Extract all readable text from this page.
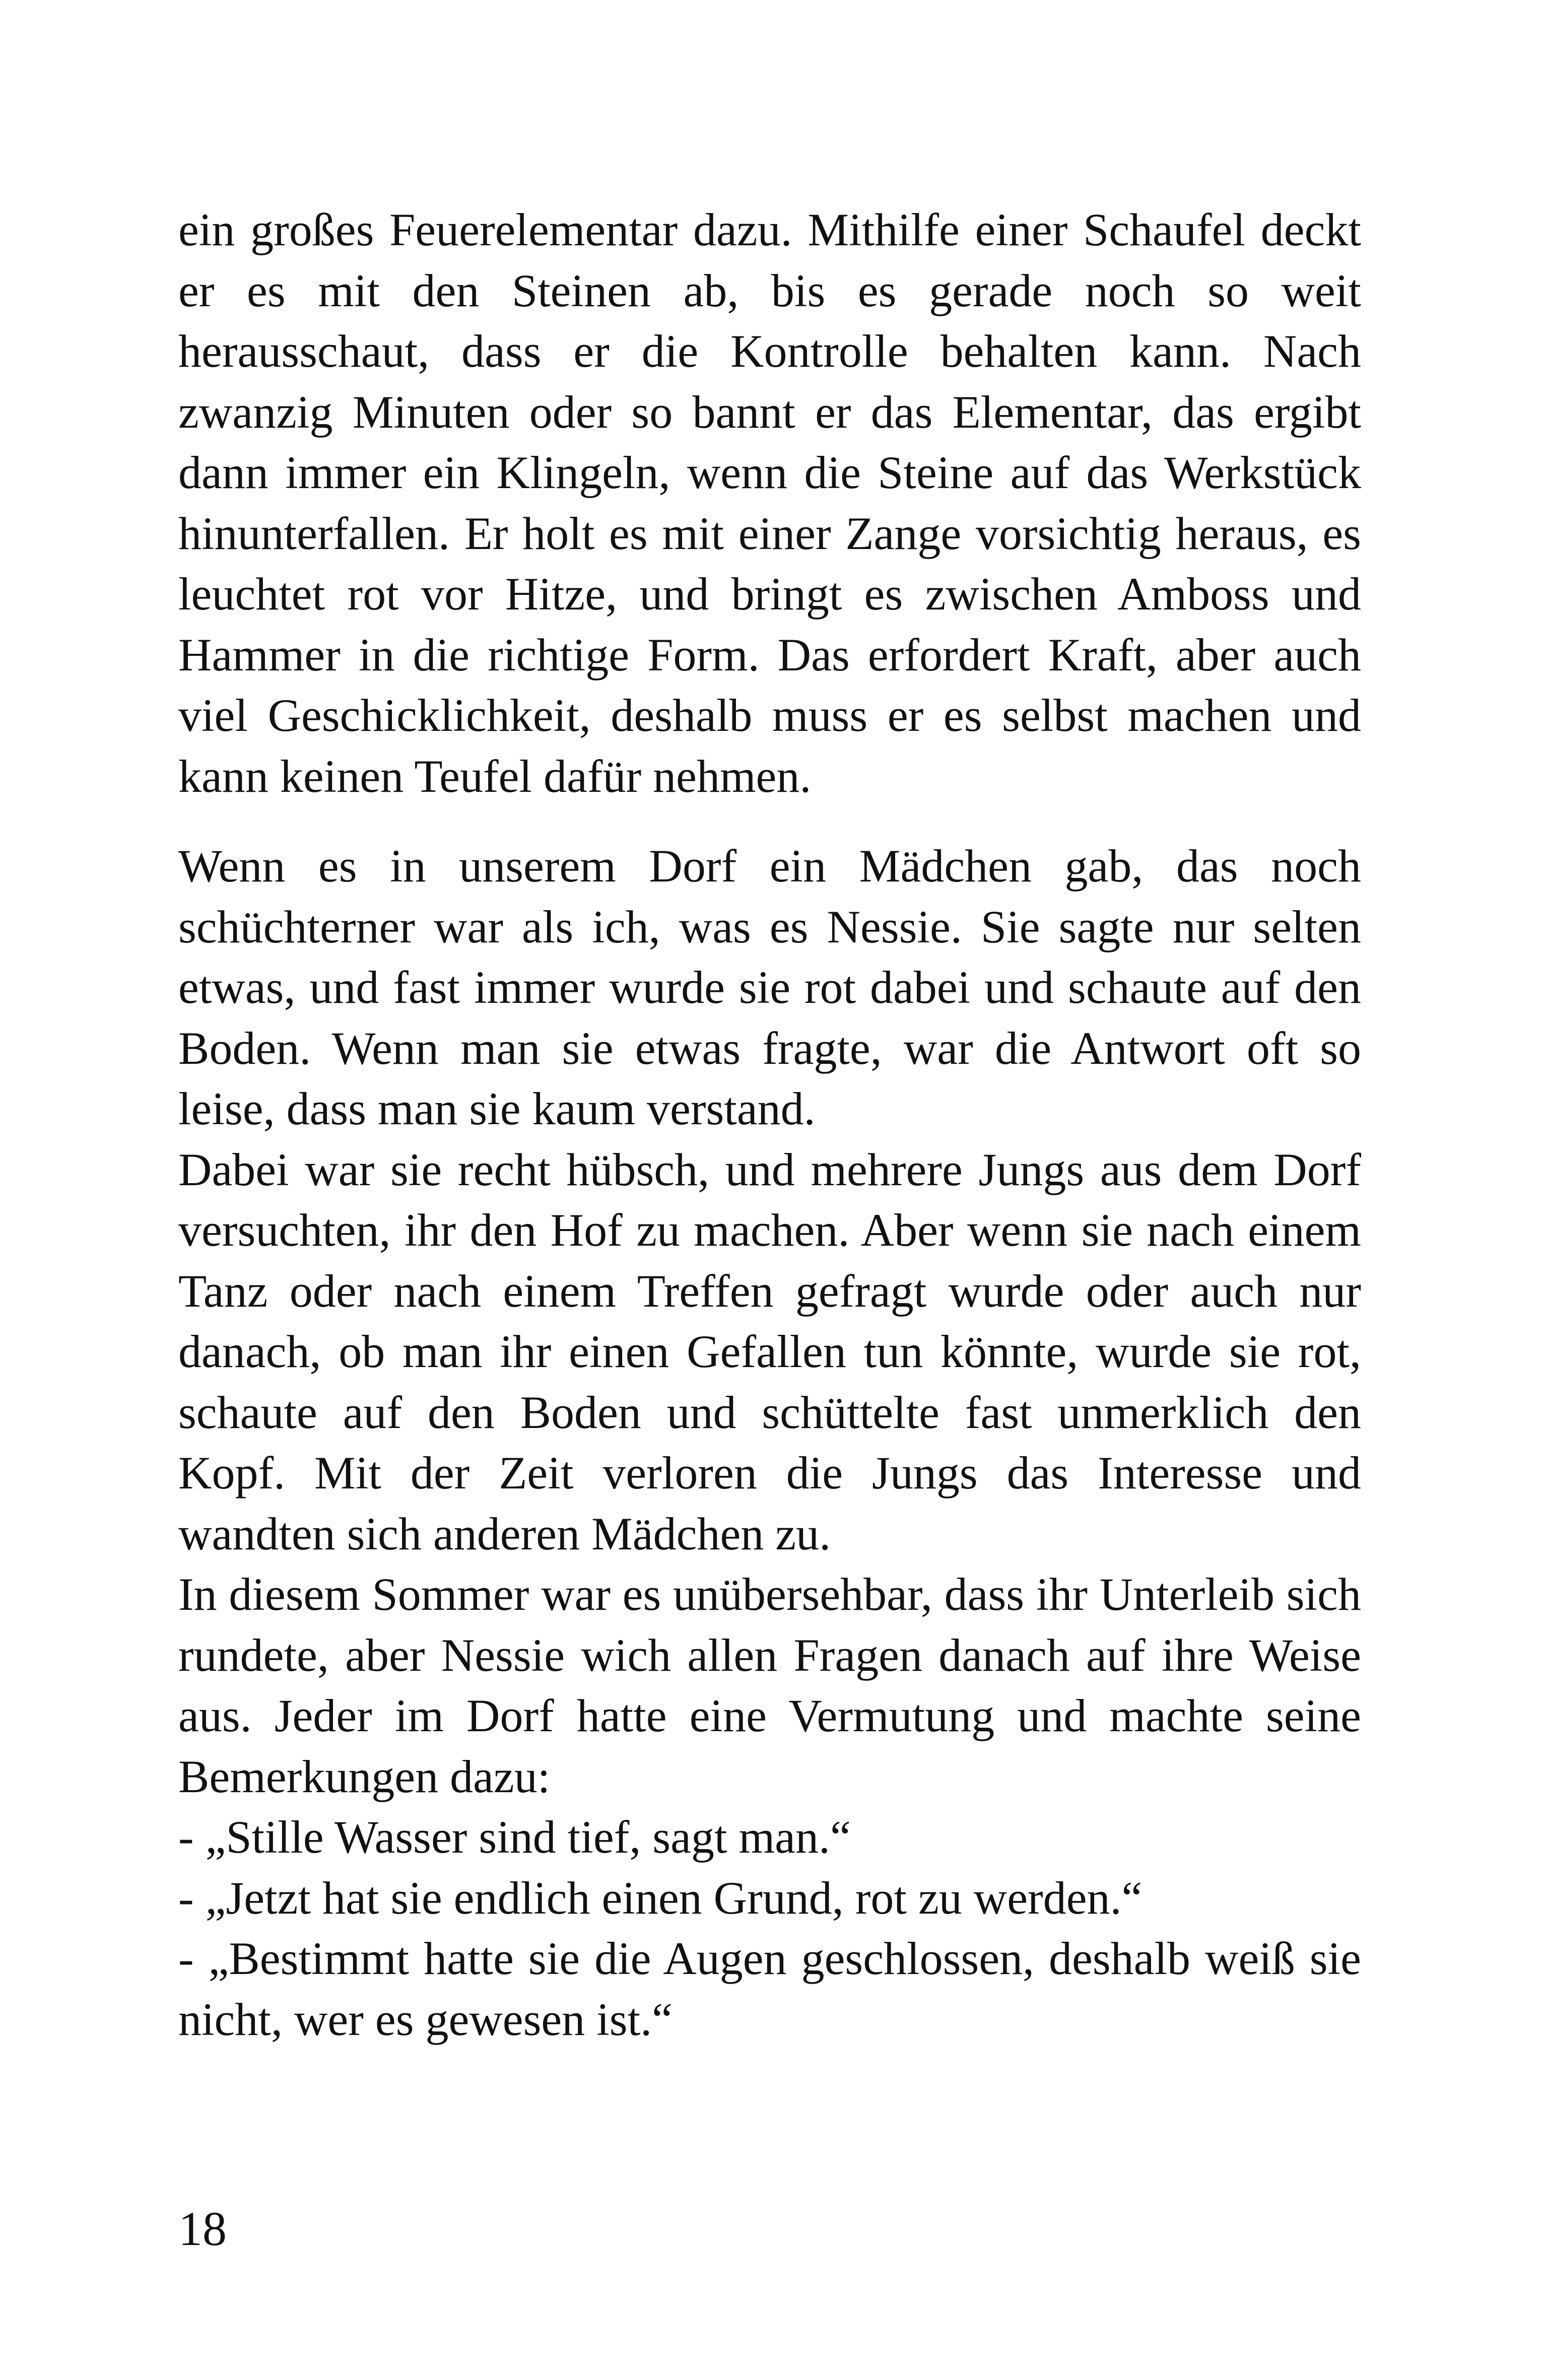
ein großes Feuerelementar dazu. Mithilfe einer Schaufel deckt er es mit den Steinen ab, bis es gerade noch so weit herausschaut, dass er die Kontrolle behalten kann. Nach zwanzig Minuten oder so bannt er das Elementar, das ergibt dann immer ein Klingeln, wenn die Steine auf das Werkstück hinunterfallen. Er holt es mit einer Zange vorsichtig heraus, es leuchtet rot vor Hitze, und bringt es zwischen Amboss und Hammer in die richtige Form. Das erfordert Kraft, aber auch viel Geschicklichkeit, deshalb muss er es selbst machen und kann keinen Teufel dafür nehmen.

Wenn es in unserem Dorf ein Mädchen gab, das noch schüchterner war als ich, was es Nessie. Sie sagte nur selten etwas, und fast immer wurde sie rot dabei und schaute auf den Boden. Wenn man sie etwas fragte, war die Antwort oft so leise, dass man sie kaum verstand.

Dabei war sie recht hübsch, und mehrere Jungs aus dem Dorf versuchten, ihr den Hof zu machen. Aber wenn sie nach einem Tanz oder nach einem Treffen gefragt wurde oder auch nur danach, ob man ihr einen Gefallen tun könnte, wurde sie rot, schaute auf den Boden und schüttelte fast unmerklich den Kopf. Mit der Zeit verloren die Jungs das Interesse und wandten sich anderen Mädchen zu.

In diesem Sommer war es unübersehbar, dass ihr Unterleib sich rundete, aber Nessie wich allen Fragen danach auf ihre Weise aus. Jeder im Dorf hatte eine Vermutung und machte seine Bemerkungen dazu:

- „Stille Wasser sind tief, sagt man.“

- „Jetzt hat sie endlich einen Grund, rot zu werden.“

- „Bestimmt hatte sie die Augen geschlossen, deshalb weiß sie nicht, wer es gewesen ist.“

18
